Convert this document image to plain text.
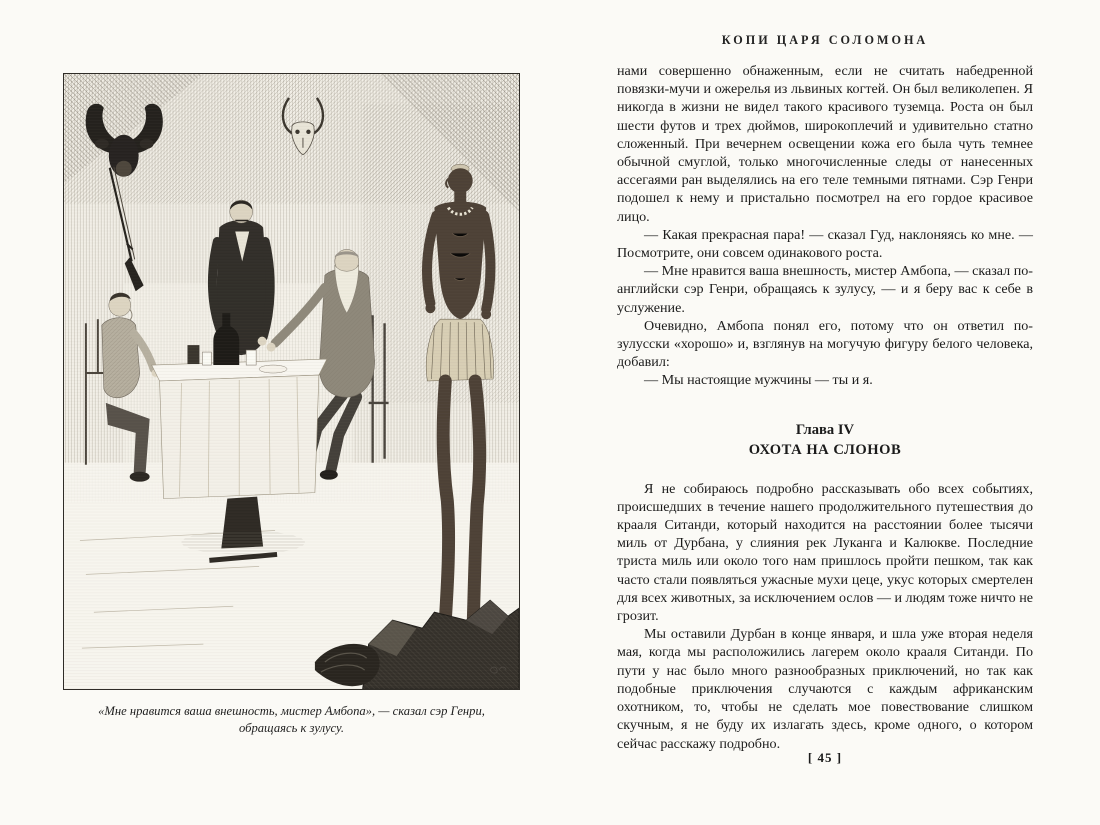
«Мне нравится ваша внешность, мистер Амбопа», — сказал сэр Генри,
обращаясь к зулусу.
КОПИ ЦАРЯ СОЛОМОНА

нами совершенно обнаженным, если не считать набедренной повязки-мучи и ожерелья из львиных когтей. Он был великолепен. Я никогда в жизни не видел такого красивого туземца. Роста он был шести футов и трех дюймов, широкоплечий и удивительно статно сложенный. При вечернем освещении кожа его была чуть темнее обычной смуглой, только многочисленные следы от нанесенных ассегаями ран выделялись на его теле темными пятнами. Сэр Генри подошел к нему и пристально посмотрел на его гордое красивое лицо.

— Какая прекрасная пара! — сказал Гуд, наклоняясь ко мне. — Посмотрите, они совсем одинакового роста.

— Мне нравится ваша внешность, мистер Амбопа, — сказал по-английски сэр Генри, обращаясь к зулусу, — и я беру вас к себе в услужение.

Очевидно, Амбопа понял его, потому что он ответил по-зулусски «хорошо» и, взглянув на могучую фигуру белого человека, добавил:

— Мы настоящие мужчины — ты и я.

Глава IV
ОХОТА НА СЛОНОВ

Я не собираюсь подробно рассказывать обо всех событиях, происшедших в течение нашего продолжительного путешествия до крааля Ситанди, который находится на расстоянии более тысячи миль от Дурбана, у слияния рек Луканга и Калюкве. Последние триста миль или около того нам пришлось пройти пешком, так как часто стали появляться ужасные мухи цеце, укус которых смертелен для всех животных, за исключением ослов — и людям тоже ничто не грозит.

Мы оставили Дурбан в конце января, и шла уже вторая неделя мая, когда мы расположились лагерем около крааля Ситанди. По пути у нас было много разнообразных приключений, но так как подобные приключения случаются с каждым африканским охотником, то, чтобы не сделать мое повествование слишком скучным, я не буду их излагать здесь, кроме одного, о котором сейчас расскажу подробно.

[ 45 ]
